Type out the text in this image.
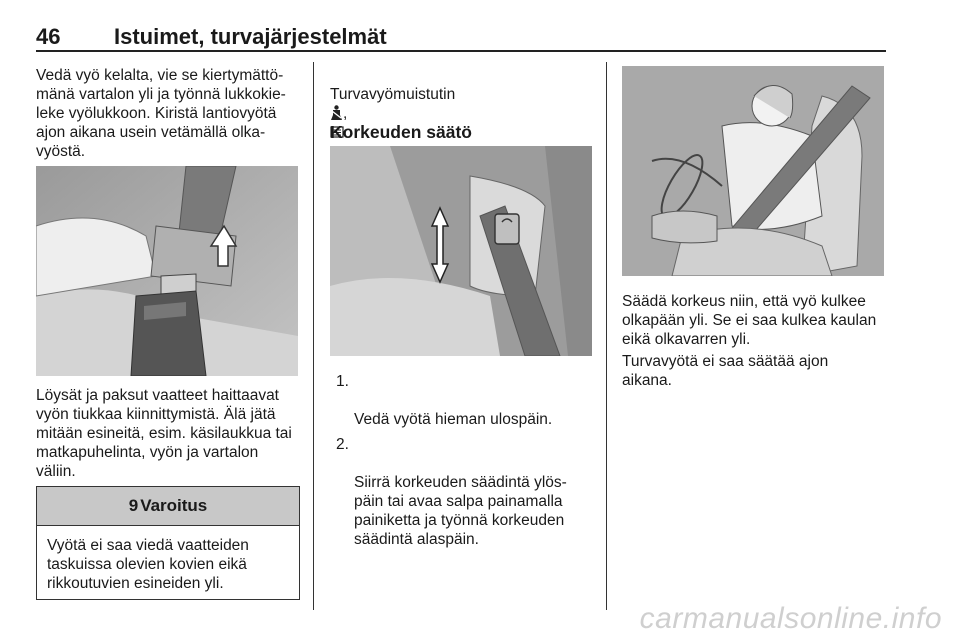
46 Istuimet, turvajärjestelmät

Vedä vyö kelalta, vie se kiertymättö-
mänä vartalon yli ja työnnä lukkokie-
leke vyölukkoon. Kiristä lantiovyötä
ajon aikana usein vetämällä olka-
vyöstä.

Löysät ja paksut vaatteet haittaavat
vyön tiukkaa kiinnittymistä. Älä jätä
mitään esineitä, esim. käsilaukkua tai
matkapuhelinta, vyön ja vartalon
väliin.

9 Varoitus
Vyötä ei saa viedä vaatteiden
taskuissa olevien kovien eikä
rikkoutuvien esineiden yli.

Turvavyömuistutin
,

Korkeuden säätö

1.

Vedä vyötä hieman ulospäin.

2.

Siirrä korkeuden säädintä ylös-
päin tai avaa salpa painamalla
painiketta ja työnnä korkeuden
säädintä alaspäin.

Säädä korkeus niin, että vyö kulkee
olkapään yli. Se ei saa kulkea kaulan
eikä olkavarren yli.

Turvavyötä ei saa säätää ajon
aikana.

carmanualsonline.info
